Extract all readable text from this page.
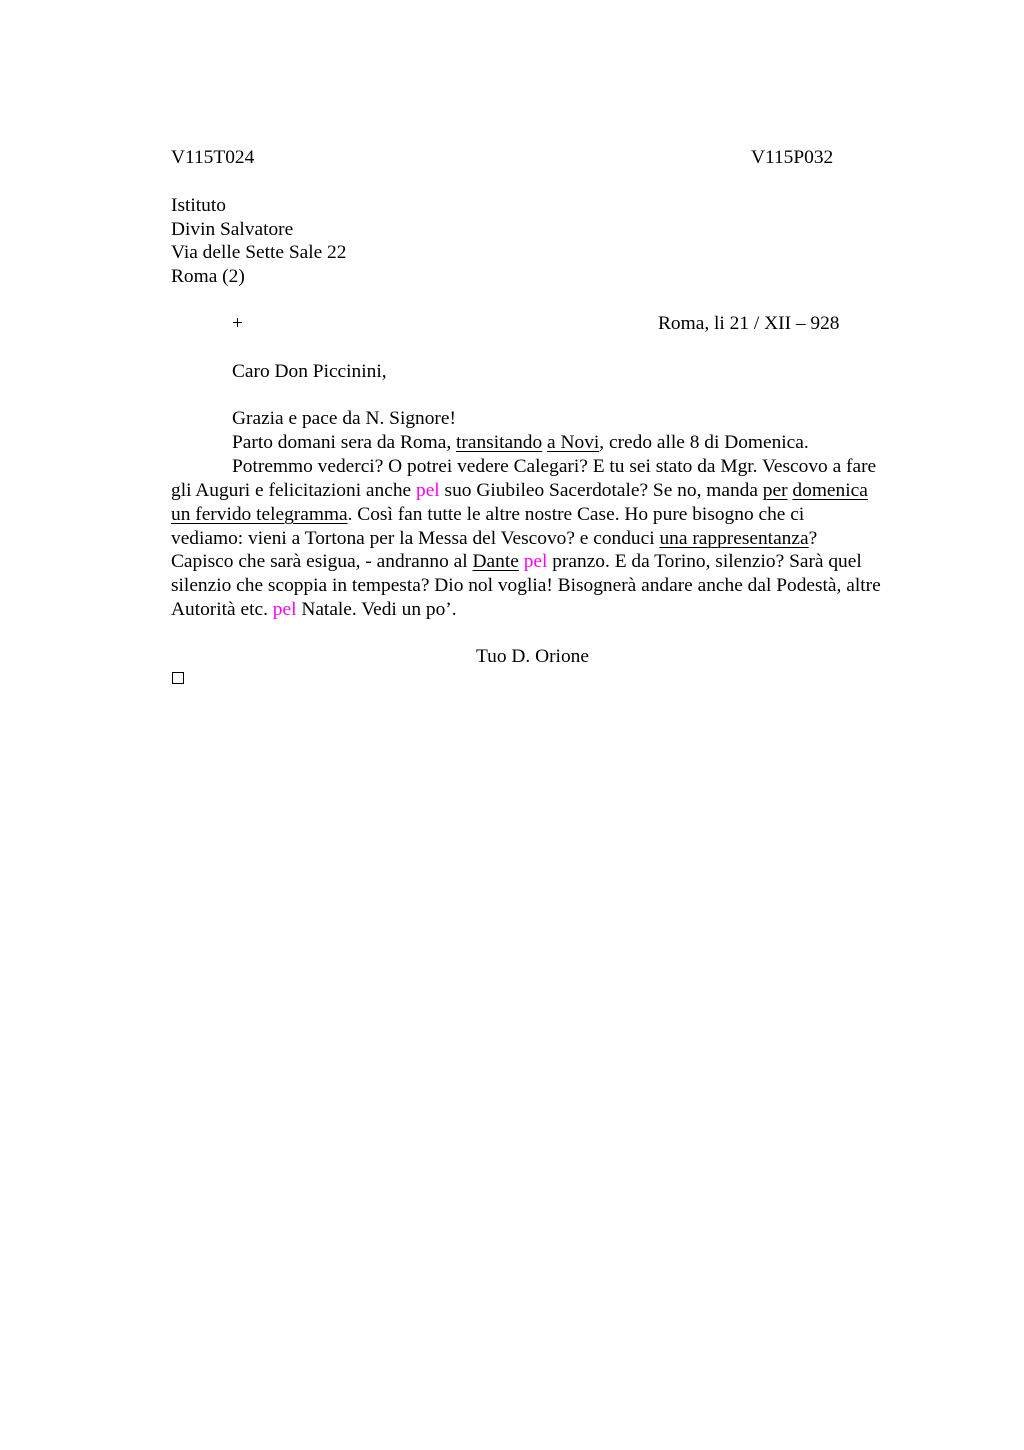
V115T024	V115P032
Istituto
Divin Salvatore
Via delle Sette Sale 22
Roma (2)
+	Roma, li 21 / XII – 928
Caro Don Piccinini,
Grazia e pace da N. Signore!
Parto domani sera da Roma, transitando a Novi, credo alle 8 di Domenica.
Potremmo vederci? O potrei vedere Calegari? E tu sei stato da Mgr. Vescovo a fare
gli Auguri e felicitazioni anche pel suo Giubileo Sacerdotale? Se no, manda per domenica
un fervido telegramma. Così fan tutte le altre nostre Case. Ho pure bisogno che ci
vediamo: vieni a Tortona per la Messa del Vescovo? e conduci una rappresentanza?
Capisco che sarà esigua, - andranno al Dante pel pranzo. E da Torino, silenzio? Sarà quel
silenzio che scoppia in tempesta? Dio nol voglia! Bisognerà andare anche dal Podestà, altre
Autorità etc. pel Natale. Vedi un po’.
Tuo D. Orione
